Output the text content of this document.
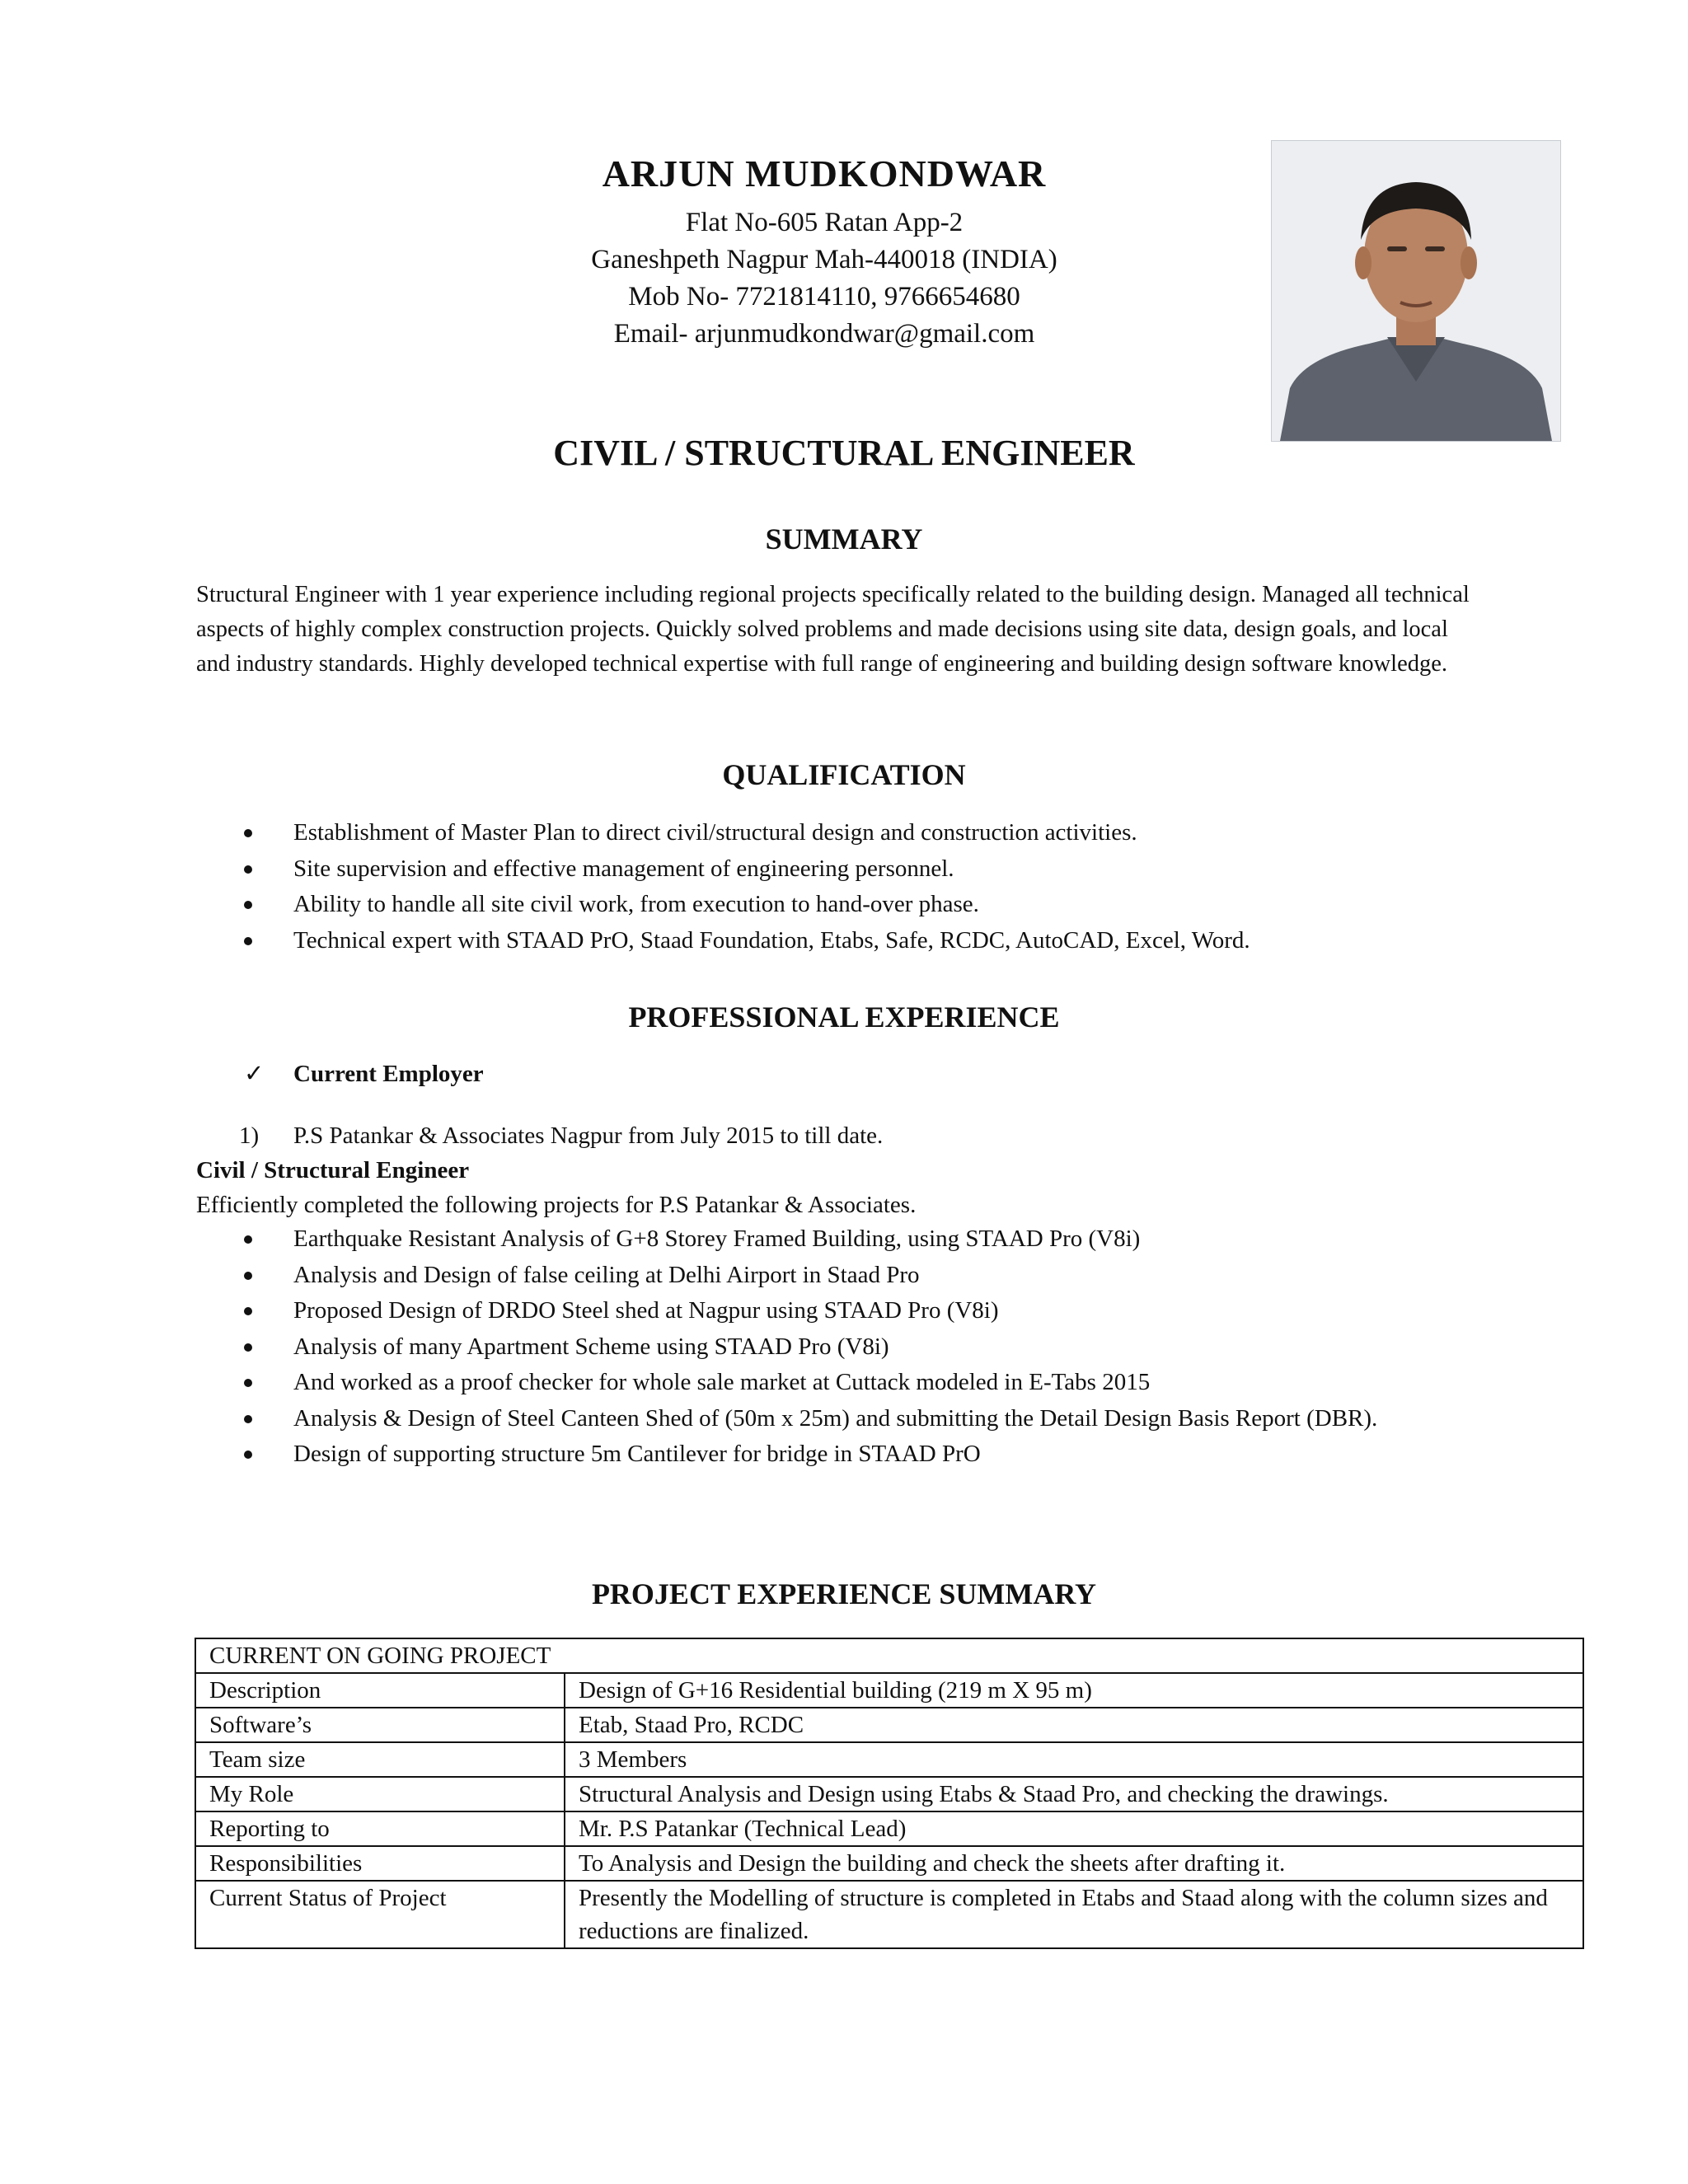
ARJUN MUDKONDWAR

Flat No-605 Ratan App-2

Ganeshpeth Nagpur Mah-440018 (INDIA)

Mob No- 7721814110, 9766654680

Email- arjunmudkondwar@gmail.com

CIVIL / STRUCTURAL ENGINEER

SUMMARY

Structural Engineer with 1 year experience including regional projects specifically related to the building design. Managed all technical aspects of highly complex construction projects. Quickly solved problems and made decisions using site data, design goals, and local and industry standards. Highly developed technical expertise with full range of engineering and building design software knowledge.

QUALIFICATION

Establishment of Master Plan to direct civil/structural design and construction activities.
Site supervision and effective management of engineering personnel.
Ability to handle all site civil work, from execution to hand-over phase.
Technical expert with STAAD PrO, Staad Foundation, Etabs, Safe, RCDC, AutoCAD, Excel, Word.

PROFESSIONAL EXPERIENCE

✓ Current Employer
1) P.S Patankar & Associates Nagpur from July 2015 to till date.
Civil / Structural Engineer
Efficiently completed the following projects for P.S Patankar & Associates.
Earthquake Resistant Analysis of G+8 Storey Framed Building, using STAAD Pro (V8i)
Analysis and Design of false ceiling at Delhi Airport in Staad Pro
Proposed Design of DRDO Steel shed at Nagpur using STAAD Pro (V8i)
Analysis of many Apartment Scheme using STAAD Pro (V8i)
And worked as a proof checker for whole sale market at Cuttack modeled in E-Tabs 2015
Analysis & Design of Steel Canteen Shed of (50m x 25m) and submitting the Detail Design Basis Report (DBR).
Design of supporting structure 5m Cantilever for bridge in STAAD PrO

PROJECT EXPERIENCE SUMMARY

CURRENT ON GOING PROJECT	
Description	Design of G+16 Residential building (219 m X 95 m)
Software’s	Etab, Staad Pro, RCDC
Team size	3 Members
My Role	Structural Analysis and Design using Etabs & Staad Pro, and checking the drawings.
Reporting to	Mr. P.S Patankar (Technical Lead)
Responsibilities	To Analysis and Design the building and check the sheets after drafting it.
Current Status of Project	Presently the Modelling of structure is completed in Etabs and Staad along with the column sizes and reductions are finalized.
